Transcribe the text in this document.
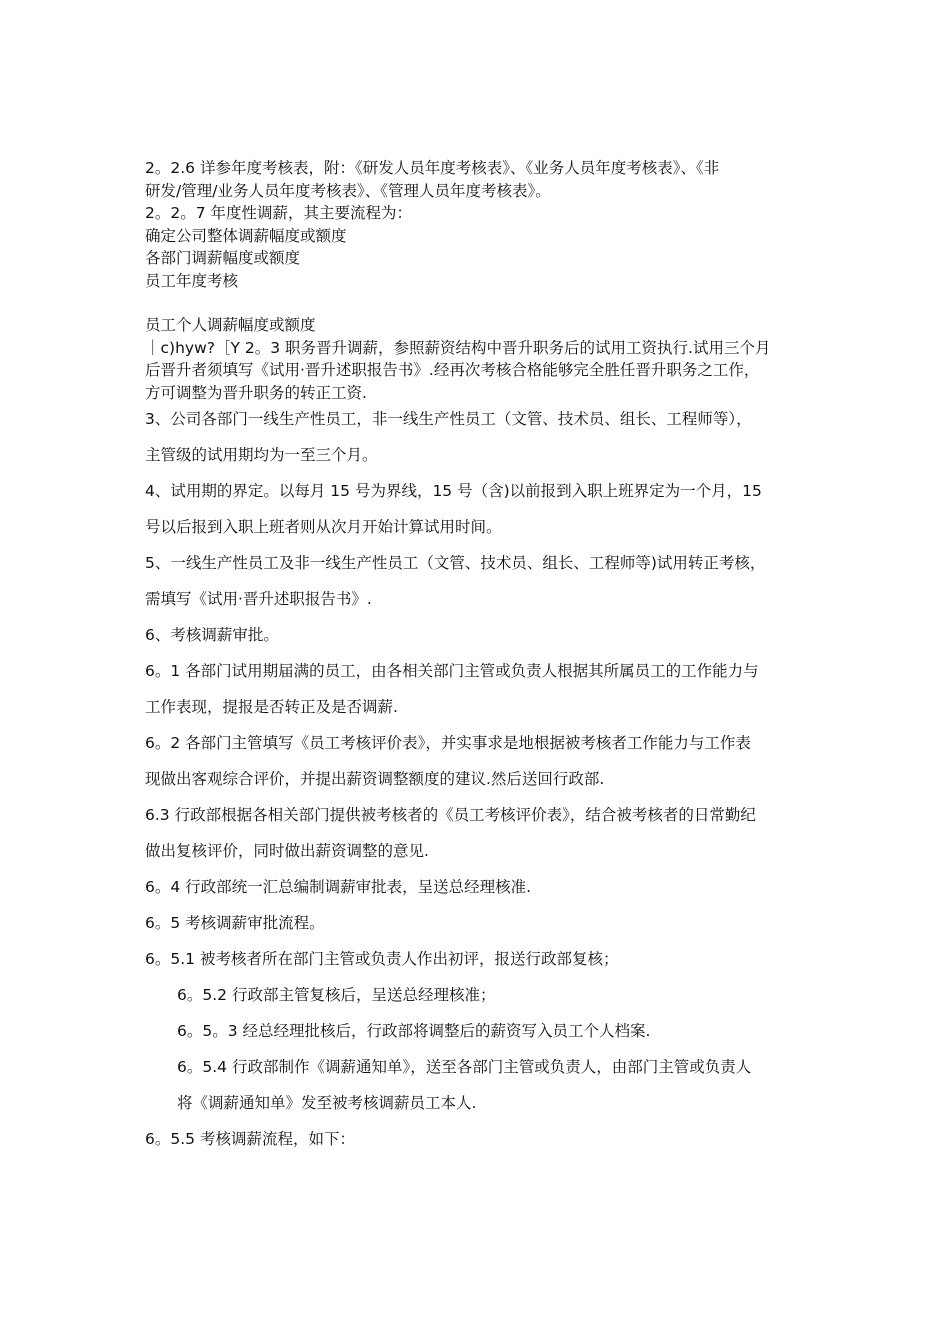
2。2.6 详参年度考核表，附：《研发人员年度考核表》、《业务人员年度考核表》、《非
研发/管理/业务人员年度考核表》、《管理人员年度考核表》。
2。2。7 年度性调薪，其主要流程为：
确定公司整体调薪幅度或额度
各部门调薪幅度或额度
员工年度考核
员工个人调薪幅度或额度
｜c)hyw?［Y 2。3 职务晋升调薪，参照薪资结构中晋升职务后的试用工资执行.试用三个月
后晋升者须填写《试用·晋升述职报告书》.经再次考核合格能够完全胜任晋升职务之工作，
方可调整为晋升职务的转正工资.
3、公司各部门一线生产性员工，非一线生产性员工（文管、技术员、组长、工程师等），
主管级的试用期均为一至三个月。
4、试用期的界定。以每月 15 号为界线，15 号（含)以前报到入职上班界定为一个月，15
号以后报到入职上班者则从次月开始计算试用时间。
5、一线生产性员工及非一线生产性员工（文管、技术员、组长、工程师等)试用转正考核，
需填写《试用·晋升述职报告书》.
6、考核调薪审批。
6。1 各部门试用期届满的员工，由各相关部门主管或负责人根据其所属员工的工作能力与
工作表现，提报是否转正及是否调薪.
6。2 各部门主管填写《员工考核评价表》，并实事求是地根据被考核者工作能力与工作表
现做出客观综合评价，并提出薪资调整额度的建议.然后送回行政部.
6.3 行政部根据各相关部门提供被考核者的《员工考核评价表》，结合被考核者的日常勤纪
做出复核评价，同时做出薪资调整的意见.
6。4 行政部统一汇总编制调薪审批表，呈送总经理核准.
6。5 考核调薪审批流程。
6。5.1 被考核者所在部门主管或负责人作出初评，报送行政部复核；
6。5.2 行政部主管复核后，呈送总经理核准；
6。5。3 经总经理批核后，行政部将调整后的薪资写入员工个人档案.
6。5.4 行政部制作《调薪通知单》，送至各部门主管或负责人，由部门主管或负责人
将《调薪通知单》发至被考核调薪员工本人.
6。5.5 考核调薪流程，如下：
